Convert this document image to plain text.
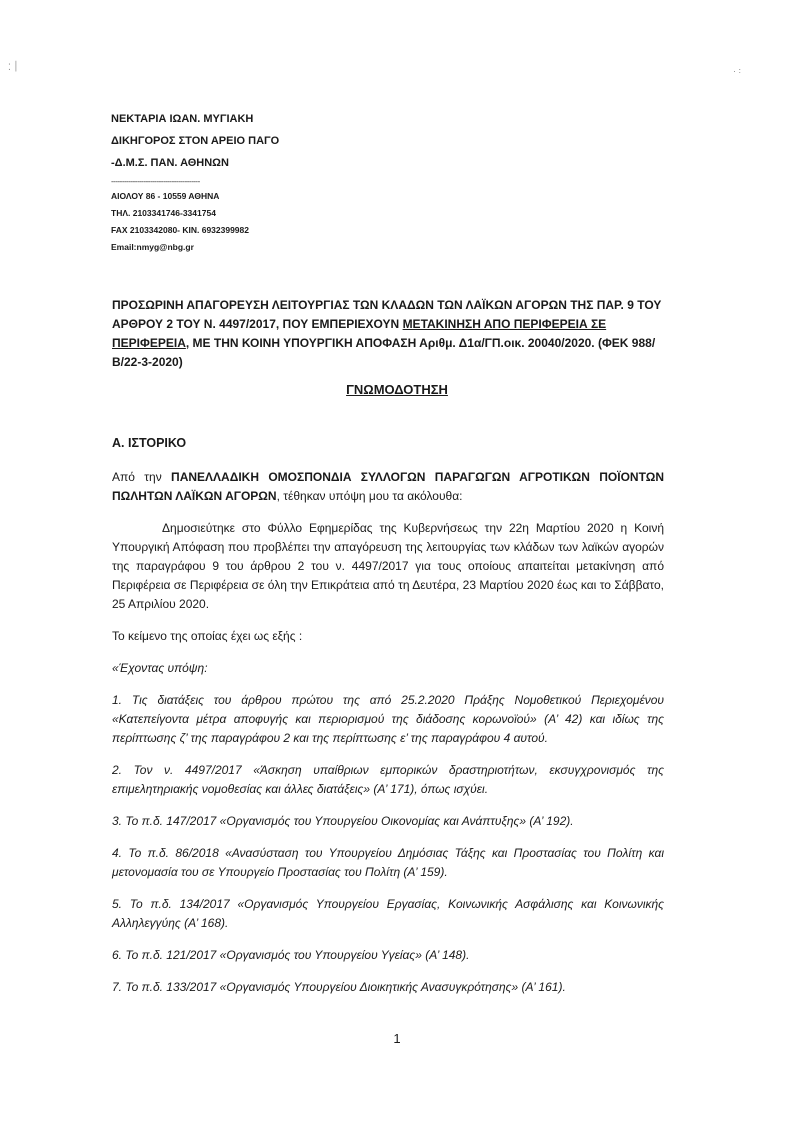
⁚ ׀	· ꞉
ΝΕΚΤΑΡΙΑ ΙΩΑΝ. ΜΥΓΙΑΚΗ
ΔΙΚΗΓΟΡΟΣ ΣΤΟΝ ΑΡΕΙΟ ΠΑΓΟ
-Δ.Μ.Σ. ΠΑΝ. ΑΘΗΝΩΝ
-----------------------------------------
ΑΙΟΛΟΥ 86 - 10559 ΑΘΗΝΑ
ΤΗΛ. 2103341746-3341754
FAX 2103342080- ΚΙΝ. 6932399982
Email:nmyg@nbg.gr
ΠΡΟΣΩΡΙΝΗ ΑΠΑΓΟΡΕΥΣΗ ΛΕΙΤΟΥΡΓΙΑΣ ΤΩΝ ΚΛΑΔΩΝ ΤΩΝ ΛΑΪΚΩΝ ΑΓΟΡΩΝ ΤΗΣ ΠΑΡ. 9 ΤΟΥ ΑΡΘΡΟΥ 2 ΤΟΥ Ν. 4497/2017, ΠΟΥ ΕΜΠΕΡΙΕΧΟΥΝ ΜΕΤΑΚΙΝΗΣΗ ΑΠΟ ΠΕΡΙΦΕΡΕΙΑ ΣΕ ΠΕΡΙΦΕΡΕΙΑ, ΜΕ ΤΗΝ ΚΟΙΝΗ ΥΠΟΥΡΓΙΚΗ ΑΠΟΦΑΣΗ Αριθμ. Δ1α/ΓΠ.οικ. 20040/2020. (ΦΕΚ 988/Β/22-3-2020)
ΓΝΩΜΟΔΟΤΗΣΗ
Α. ΙΣΤΟΡΙΚΟ

Από την ΠΑΝΕΛΛΑΔΙΚΗ ΟΜΟΣΠΟΝΔΙΑ ΣΥΛΛΟΓΩΝ ΠΑΡΑΓΩΓΩΝ ΑΓΡΟΤΙΚΩΝ ΠΟΪΟΝΤΩΝ ΠΩΛΗΤΩΝ ΛΑΪΚΩΝ ΑΓΟΡΩΝ, τέθηκαν υπόψη μου τα ακόλουθα:

Δημοσιεύτηκε στο Φύλλο Εφημερίδας της Κυβερνήσεως την 22η Μαρτίου 2020 η Κοινή Υπουργική Απόφαση που προβλέπει την απαγόρευση της λειτουργίας των κλάδων των λαϊκών αγορών της παραγράφου 9 του άρθρου 2 του ν. 4497/2017 για τους οποίους απαιτείται μετακίνηση από Περιφέρεια σε Περιφέρεια σε όλη την Επικράτεια από τη Δευτέρα, 23 Μαρτίου 2020 έως και το Σάββατο, 25 Απριλίου 2020.

Το κείμενο της οποίας έχει ως εξής :

«Έχοντας υπόψη:

1. Τις διατάξεις του άρθρου πρώτου της από 25.2.2020 Πράξης Νομοθετικού Περιεχομένου «Κατεπείγοντα μέτρα αποφυγής και περιορισμού της διάδοσης κορωνοϊού» (Α’ 42) και ιδίως της περίπτωσης ζ’ της παραγράφου 2 και της περίπτωσης ε’ της παραγράφου 4 αυτού.

2. Τον ν. 4497/2017 «Άσκηση υπαίθριων εμπορικών δραστηριοτήτων, εκσυγχρονισμός της επιμελητηριακής νομοθεσίας και άλλες διατάξεις» (Α’ 171), όπως ισχύει.

3. Το π.δ. 147/2017 «Οργανισμός του Υπουργείου Οικονομίας και Ανάπτυξης» (Α’ 192).

4. Το π.δ. 86/2018 «Ανασύσταση του Υπουργείου Δημόσιας Τάξης και Προστασίας του Πολίτη και μετονομασία του σε Υπουργείο Προστασίας του Πολίτη (Α’ 159).

5. Το π.δ. 134/2017 «Οργανισμός Υπουργείου Εργασίας, Κοινωνικής Ασφάλισης και Κοινωνικής Αλληλεγγύης (Α’ 168).

6. Το π.δ. 121/2017 «Οργανισμός του Υπουργείου Υγείας» (Α’ 148).

7. Το π.δ. 133/2017 «Οργανισμός Υπουργείου Διοικητικής Ανασυγκρότησης» (Α’ 161).

1
